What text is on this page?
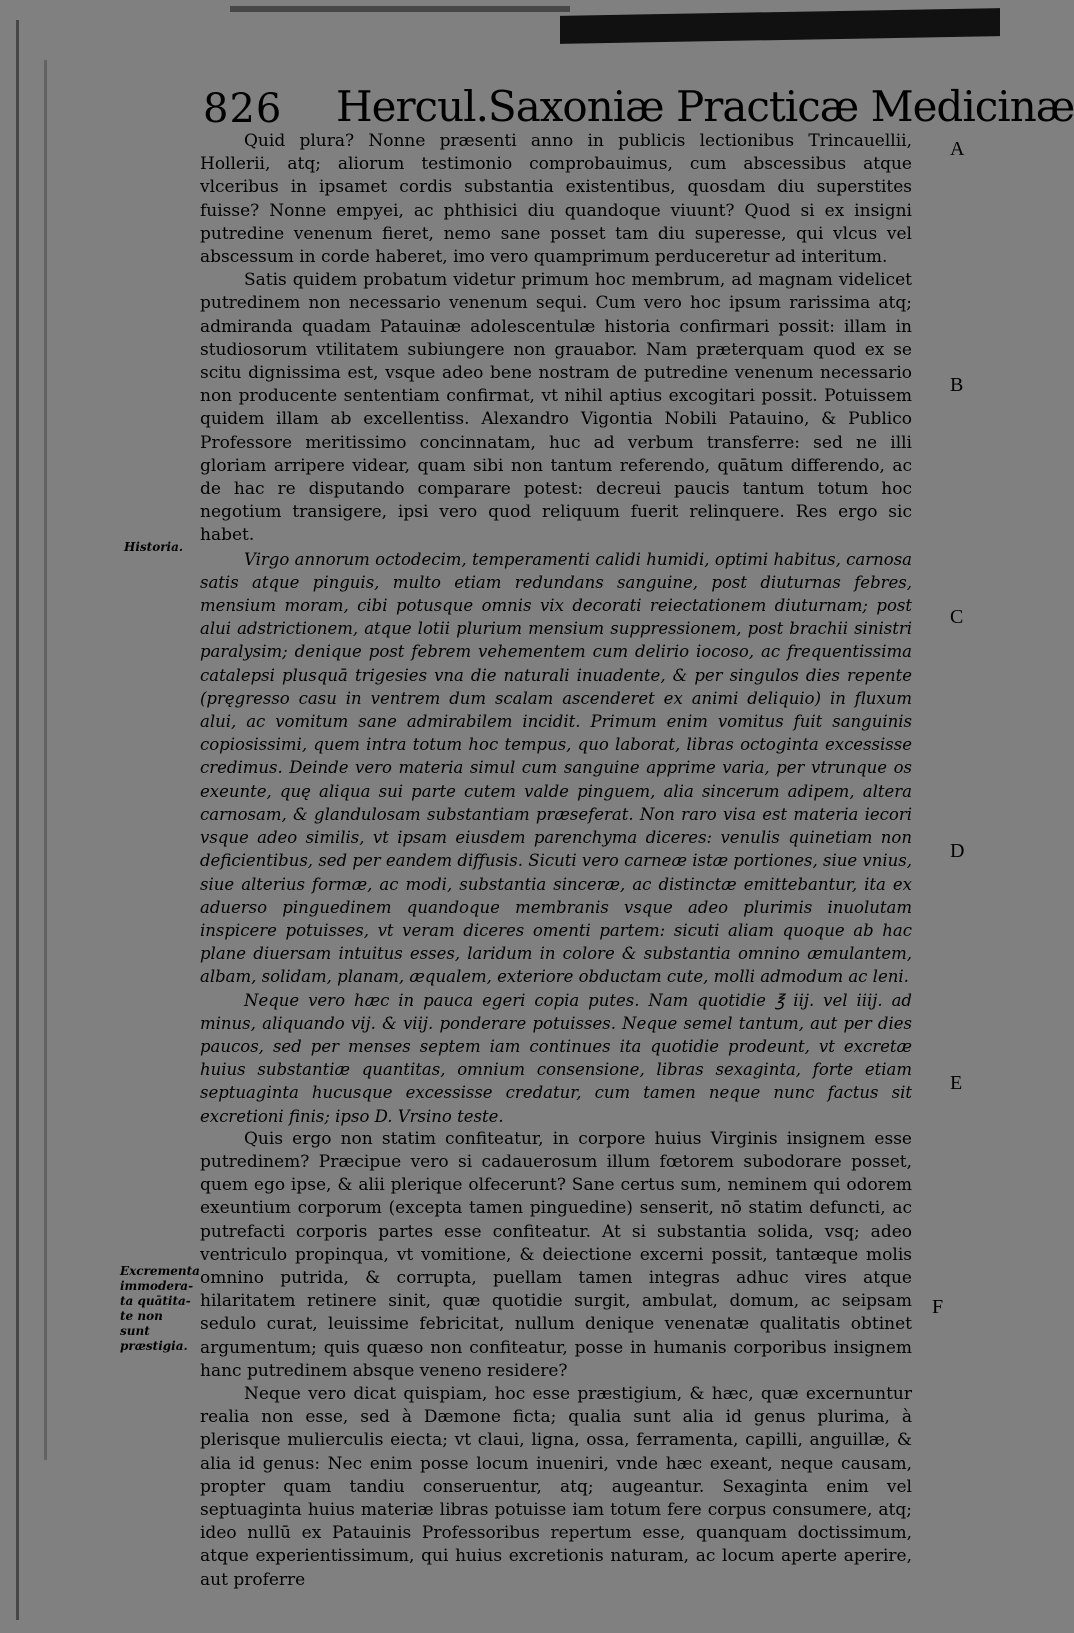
826 Hercul.Saxoniæ Practicæ Medicinæ

Quid plura? Nonne præsenti anno in publicis lectionibus Trincauellii, Hollerii, atq; aliorum testimonio comprobauimus, cum abscessibus atque vlceribus in ipsamet cordis substantia existentibus, quosdam diu superstites fuisse? Nonne empyei, ac phthisici diu quandoque viuunt? Quod si ex insigni putredine venenum fieret, nemo sane posset tam diu superesse, qui vlcus vel abscessum in corde haberet, imo vero quamprimum perduceretur ad interitum.

Satis quidem probatum videtur primum hoc membrum, ad magnam videlicet putredinem non necessario venenum sequi. Cum vero hoc ipsum rarissima atq; admiranda quadam Patauinæ adolescentulæ historia confirmari possit: illam in studiosorum vtilitatem subiungere non grauabor. Nam præterquam quod ex se scitu dignissima est, vsque adeo bene nostram de putredine venenum necessario non producente sententiam confirmat, vt nihil aptius excogitari possit. Potuissem quidem illam ab excellentiss. Alexandro Vigontia Nobili Patauino, & Publico Professore meritissimo concinnatam, huc ad verbum transferre: sed ne illi gloriam arripere videar, quam sibi non tantum referendo, quātum differendo, ac de hac re disputando comparare potest: decreui paucis tantum totum hoc negotium transigere, ipsi vero quod reliquum fuerit relinquere. Res ergo sic habet.

Virgo annorum octodecim, temperamenti calidi humidi, optimi habitus, carnosa satis atque pinguis, multo etiam redundans sanguine, post diuturnas febres, mensium moram, cibi potusque omnis vix decorati reiectationem diuturnam; post alui adstrictionem, atque lotii plurium mensium suppressionem, post brachii sinistri paralysim; denique post febrem vehementem cum delirio iocoso, ac frequentissima catalepsi plusquā trigesies vna die naturali inuadente, & per singulos dies repente (pręgresso casu in ventrem dum scalam ascenderet ex animi deliquio) in fluxum alui, ac vomitum sane admirabilem incidit. Primum enim vomitus fuit sanguinis copiosissimi, quem intra totum hoc tempus, quo laborat, libras octoginta excessisse credimus. Deinde vero materia simul cum sanguine apprime varia, per vtrunque os exeunte, quę aliqua sui parte cutem valde pinguem, alia sincerum adipem, altera carnosam, & glandulosam substantiam præseferat. Non raro visa est materia iecori vsque adeo similis, vt ipsam eiusdem parenchyma diceres: venulis quinetiam non deficientibus, sed per eandem diffusis. Sicuti vero carneæ istæ portiones, siue vnius, siue alterius formæ, ac modi, substantia sinceræ, ac distinctæ emittebantur, ita ex aduerso pinguedinem quandoque membranis vsque adeo plurimis inuolutam inspicere potuisses, vt veram diceres omenti partem: sicuti aliam quoque ab hac plane diuersam intuitus esses, laridum in colore & substantia omnino æmulantem, albam, solidam, planam, æqualem, exteriore obductam cute, molli admodum ac leni.

Neque vero hæc in pauca egeri copia putes. Nam quotidie ℥ iij. vel iiij. ad minus, aliquando vij. & viij. ponderare potuisses. Neque semel tantum, aut per dies paucos, sed per menses septem iam continues ita quotidie prodeunt, vt excretæ huius substantiæ quantitas, omnium consensione, libras sexaginta, forte etiam septuaginta hucusque excessisse credatur, cum tamen neque nunc factus sit excretioni finis; ipso D. Vrsino teste.

Quis ergo non statim confiteatur, in corpore huius Virginis insignem esse putredinem? Præcipue vero si cadauerosum illum fœtorem subodorare posset, quem ego ipse, & alii plerique olfecerunt? Sane certus sum, neminem qui odorem exeuntium corporum (excepta tamen pinguedine) senserit, nō statim defuncti, ac putrefacti corporis partes esse confiteatur. At si substantia solida, vsq; adeo ventriculo propinqua, vt vomitione, & deiectione excerni possit, tantæque molis omnino putrida, & corrupta, puellam tamen integras adhuc vires atque hilaritatem retinere sinit, quæ quotidie surgit, ambulat, domum, ac seipsam sedulo curat, leuissime febricitat, nullum denique venenatæ qualitatis obtinet argumentum; quis quæso non confiteatur, posse in humanis corporibus insignem hanc putredinem absque veneno residere?

Neque vero dicat quispiam, hoc esse præstigium, & hæc, quæ excernuntur realia non esse, sed à Dæmone ficta; qualia sunt alia id genus plurima, à plerisque mulierculis eiecta; vt claui, ligna, ossa, ferramenta, capilli, anguillæ, & alia id genus: Nec enim posse locum inueniri, vnde hæc exeant, neque causam, propter quam tandiu conseruentur, atq; augeantur. Sexaginta enim vel septuaginta huius materiæ libras potuisse iam totum fere corpus consumere, atq; ideo nullū ex Patauinis Professoribus repertum esse, quanquam doctissimum, atque experientissimum, qui huius excretionis naturam, ac locum aperte aperire, aut proferre

A
B
C
D
E
F
Historia.
Excrementa immodera-ta quātita-te non sunt præstigia.
